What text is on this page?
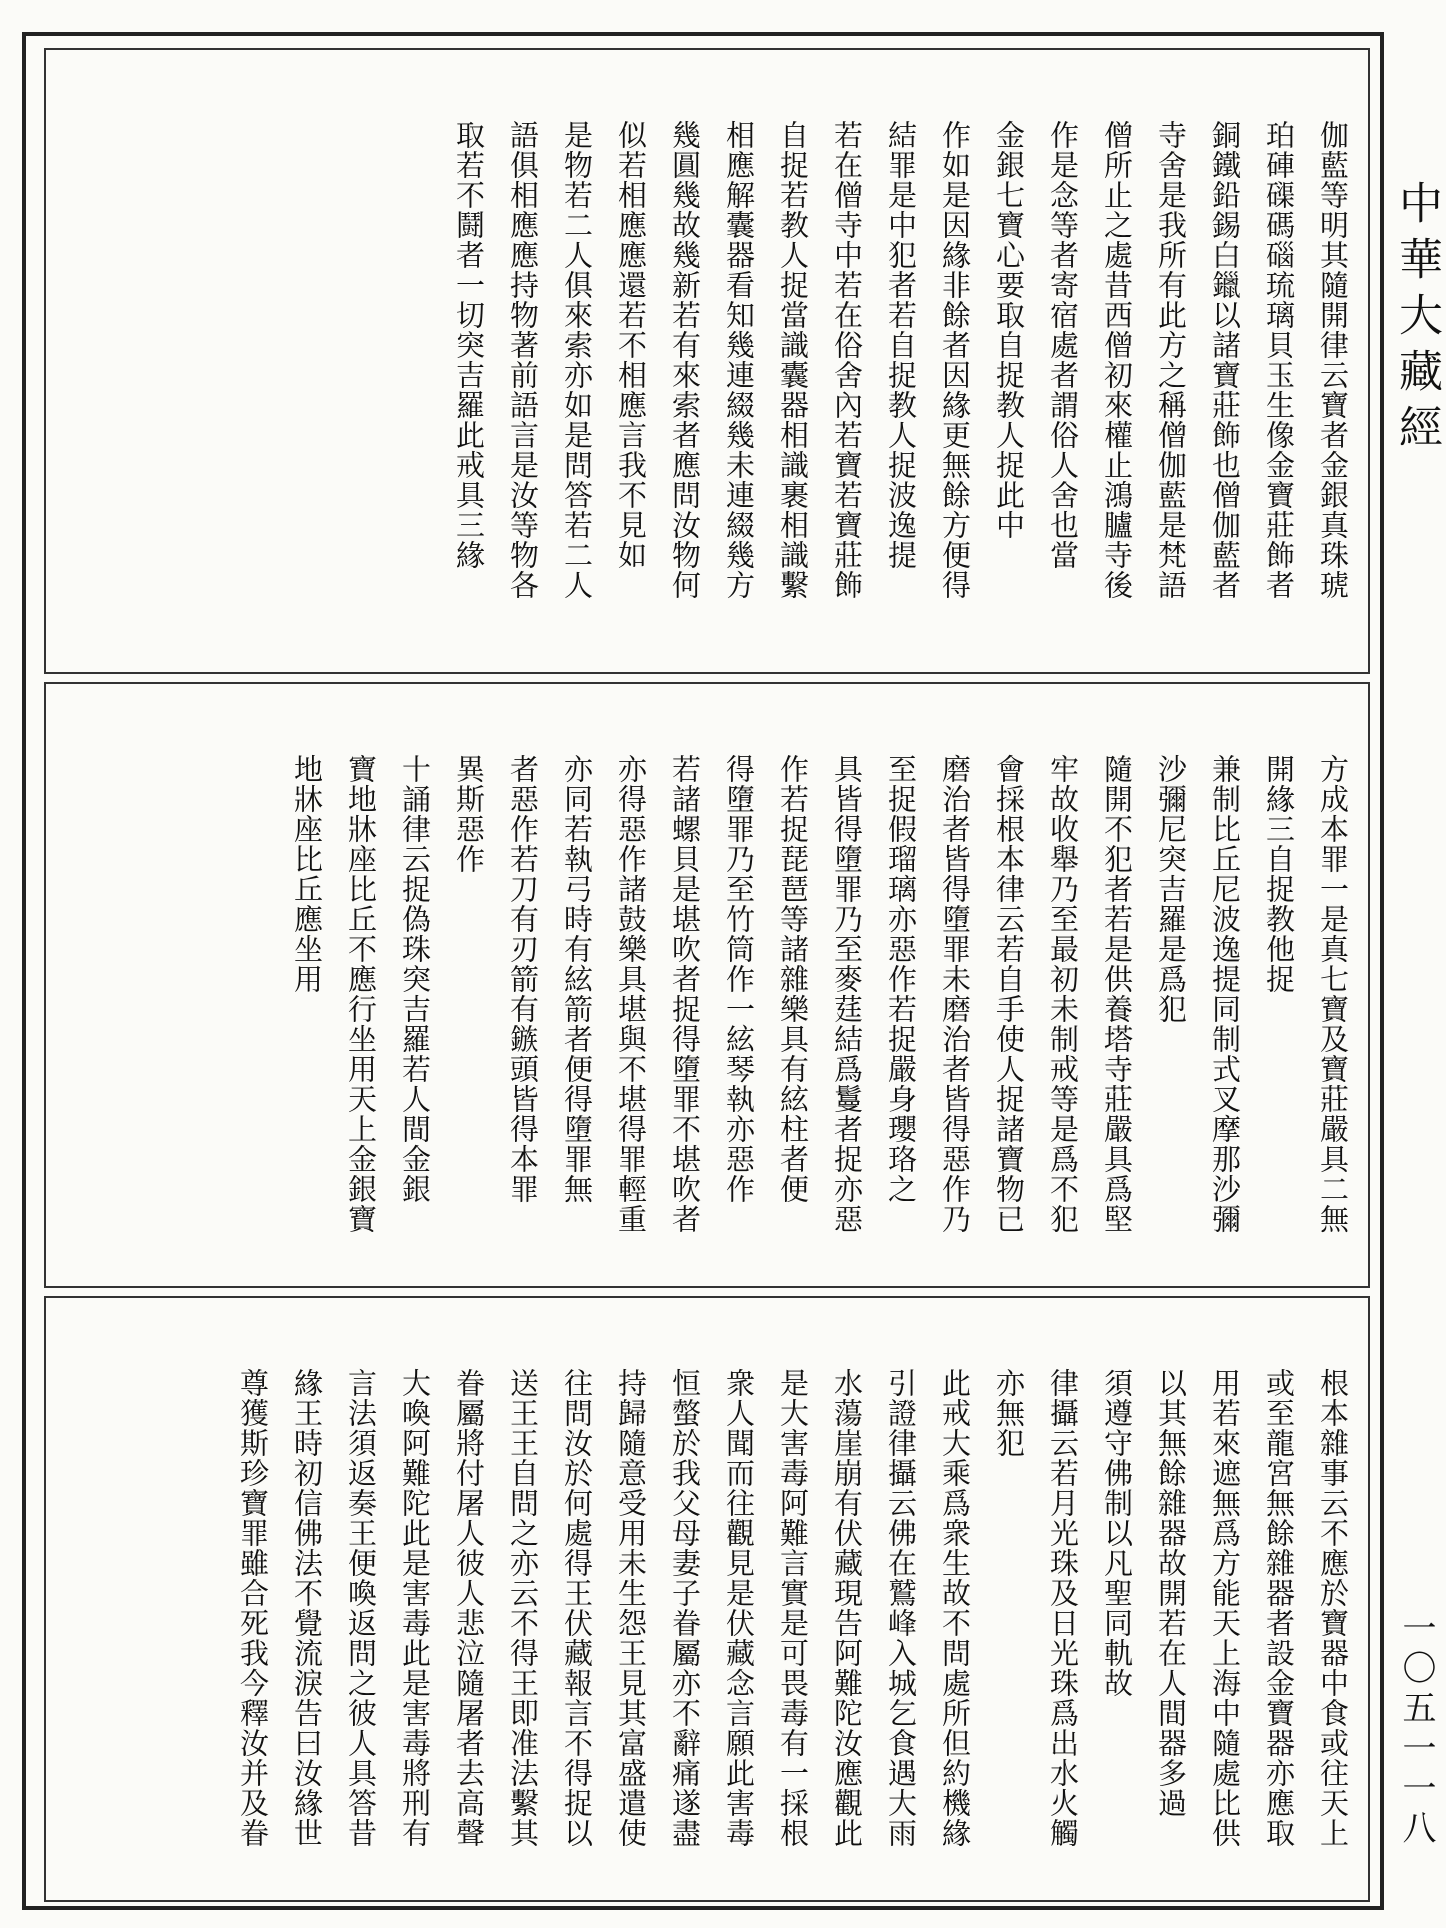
伽藍等明其隨開律云寶者金銀真珠琥
珀硨磲碼碯琉璃貝玉生像金寶莊飾者
銅鐵鉛錫白鑞以諸寶莊飾也僧伽藍者
寺舍是我所有此方之稱僧伽藍是梵語
僧所止之處昔西僧初來權止鴻臚寺後
作是念等者寄宿處者謂俗人舍也當
金銀七寶心要取自捉教人捉此中
作如是因緣非餘者因緣更無餘方便得
結罪是中犯者若自捉教人捉波逸提
若在僧寺中若在俗舍內若寶若寶莊飾
自捉若教人捉當識囊器相識裹相識繫
相應解囊器看知幾連綴幾未連綴幾方
幾圓幾故幾新若有來索者應問汝物何
似若相應應還若不相應言我不見如
是物若二人俱來索亦如是問答若二人
語俱相應應持物著前語言是汝等物各
取若不鬪者一切突吉羅此戒具三緣
方成本罪一是真七寶及寶莊嚴具二無
開緣三自捉教他捉
兼制比丘尼波逸提同制式叉摩那沙彌
沙彌尼突吉羅是爲犯
隨開不犯者若是供養塔寺莊嚴具爲堅
牢故收舉乃至最初未制戒等是爲不犯
會採根本律云若自手使人捉諸寶物已
磨治者皆得墮罪未磨治者皆得惡作乃
至捉假瑠璃亦惡作若捉嚴身瓔珞之
具皆得墮罪乃至麥莛結爲鬘者捉亦惡
作若捉琵琶等諸雜樂具有絃柱者便
得墮罪乃至竹筒作一絃琴執亦惡作
若諸螺貝是堪吹者捉得墮罪不堪吹者
亦得惡作諸鼓樂具堪與不堪得罪輕重
亦同若執弓時有絃箭者便得墮罪無
者惡作若刀有刃箭有鏃頭皆得本罪
異斯惡作
十誦律云捉偽珠突吉羅若人間金銀
寶地牀座比丘不應行坐用天上金銀寶
地牀座比丘應坐用
根本雜事云不應於寶器中食或往天上
或至龍宮無餘雜器者設金寶器亦應取
用若來遮無爲方能天上海中隨處比供
以其無餘雜器故開若在人間器多過
須遵守佛制以凡聖同軌故
律攝云若月光珠及日光珠爲出水火觸
亦無犯
此戒大乘爲衆生故不問處所但約機緣
引證律攝云佛在鷲峰入城乞食遇大雨
水蕩崖崩有伏藏現告阿難陀汝應觀此
是大害毒阿難言實是可畏毒有一採根
衆人聞而往觀見是伏藏念言願此害毒
恒螫於我父母妻子眷屬亦不辭痛遂盡
持歸隨意受用未生怨王見其富盛遣使
往問汝於何處得王伏藏報言不得捉以
送王王自問之亦云不得王即准法繫其
眷屬將付屠人彼人悲泣隨屠者去高聲
大喚阿難陀此是害毒此是害毒將刑有
言法須返奏王便喚返問之彼人具答昔
緣王時初信佛法不覺流淚告曰汝緣世
尊獲斯珍寶罪雖合死我今釋汝并及眷
中華大藏經
一〇五一一八
